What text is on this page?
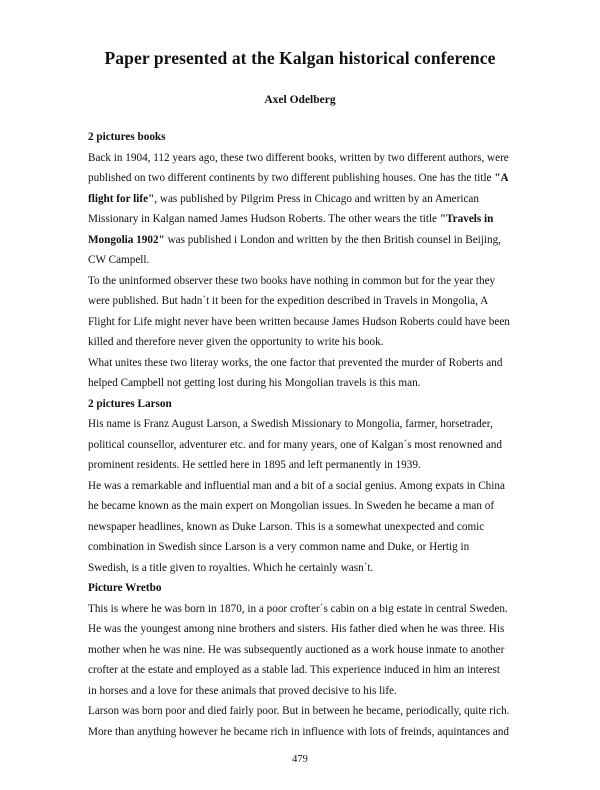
Paper presented at the Kalgan historical conference
Axel Odelberg
2 pictures books
Back in 1904, 112 years ago, these two different books, written by two different authors, were
published on two different continents by two different publishing houses. One has the title "A
flight for life", was published by Pilgrim Press in Chicago and written by an American
Missionary in Kalgan named James Hudson Roberts. The other wears the title "Travels in
Mongolia 1902" was published i London and written by the then British counsel in Beijing,
CW Campell.
To the uninformed observer these two books have nothing in common but for the year they
were published. But hadn´t it been for the expedition described in Travels in Mongolia, A
Flight for Life might never have been written because James Hudson Roberts could have been
killed and therefore never given the opportunity to write his book.
What unites these two literay works, the one factor that prevented the murder of Roberts and
helped Campbell not getting lost during his Mongolian travels is this man.
2 pictures Larson
His name is Franz August Larson, a Swedish Missionary to Mongolia, farmer, horsetrader,
political counsellor, adventurer etc. and for many years, one of Kalgan´s most renowned and
prominent residents. He settled here in 1895 and left permanently in 1939.
He was a remarkable and influential man and a bit of a social genius. Among expats in China
he became known as the main expert on Mongolian issues. In Sweden he became a man of
newspaper headlines, known as Duke Larson. This is a somewhat unexpected and comic
combination in Swedish since Larson is a very common name and Duke, or Hertig in
Swedish, is a title given to royalties. Which he certainly wasn´t.
Picture Wretbo
This is where he was born in 1870, in a poor crofter´s cabin on a big estate in central Sweden.
He was the youngest among nine brothers and sisters. His father died when he was three. His
mother when he was nine. He was subsequently auctioned as a work house inmate to another
crofter at the estate and employed as a stable lad. This experience induced in him an interest
in horses and a love for these animals that proved decisive to his life.
Larson was born poor and died fairly poor. But in between he became, periodically, quite rich.
More than anything however he became rich in influence with lots of freinds, aquintances and
479
